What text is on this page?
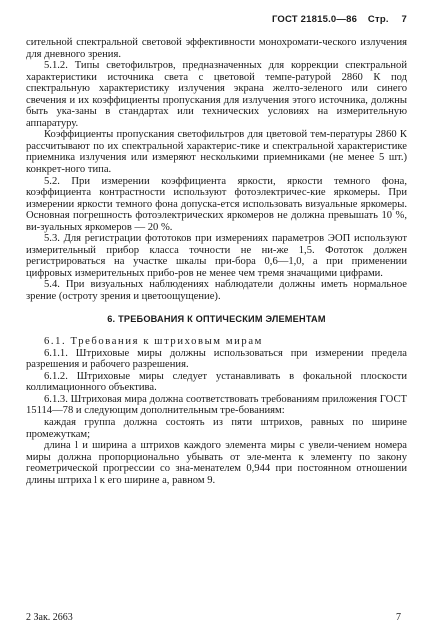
ГОСТ 21815.0—86 Стр. 7

сительной спектральной световой эффективности монохромати-ческого излучения для дневного зрения.

5.1.2. Типы светофильтров, предназначенных для коррекции спектральной характеристики источника света с цветовой темпе-ратурой 2860 К под спектральную характеристику излучения экрана желто-зеленого или синего свечения и их коэффициенты пропускания для излучения этого источника, должны быть ука-заны в стандартах или технических условиях на измерительную аппаратуру.

Коэффициенты пропускания светофильтров для цветовой тем-пературы 2860 К рассчитывают по их спектральной характерис-тике и спектральной характеристике приемника излучения или измеряют несколькими приемниками (не менее 5 шт.) конкрет-ного типа.

5.2. При измерении коэффициента яркости, яркости темного фона, коэффициента контрастности используют фотоэлектричес-кие яркомеры. При измерении яркости темного фона допуска-ется использовать визуальные яркомеры. Основная погрешность фотоэлектрических яркомеров не должна превышать 10 %, ви-зуальных яркомеров — 20 %.

5.3. Для регистрации фототоков при измерениях параметров ЭОП используют измерительный прибор класса точности не ни-же 1,5. Фототок должен регистрироваться на участке шкалы при-бора 0,6—1,0, а при применении цифровых измерительных прибо-ров не менее чем тремя значащими цифрами.

5.4. При визуальных наблюдениях наблюдатели должны иметь нормальное зрение (остроту зрения и цветоощущение).

6. ТРЕБОВАНИЯ К ОПТИЧЕСКИМ ЭЛЕМЕНТАМ

6.1. Требования к штриховым мирам

6.1.1. Штриховые миры должны использоваться при измерении предела разрешения и рабочего разрешения.

6.1.2. Штриховые миры следует устанавливать в фокальной плоскости коллимационного объектива.

6.1.3. Штриховая мира должна соответствовать требованиям приложения ГОСТ 15114—78 и следующим дополнительным тре-бованиям:

каждая группа должна состоять из пяти штрихов, равных по ширине промежуткам;

длина l и ширина a штрихов каждого элемента миры с увели-чением номера миры должна пропорционально убывать от эле-мента к элементу по закону геометрической прогрессии со зна-менателем 0,944 при постоянном отношении длины штриха l к его ширине a, равном 9.

2 Зак. 2663	7
